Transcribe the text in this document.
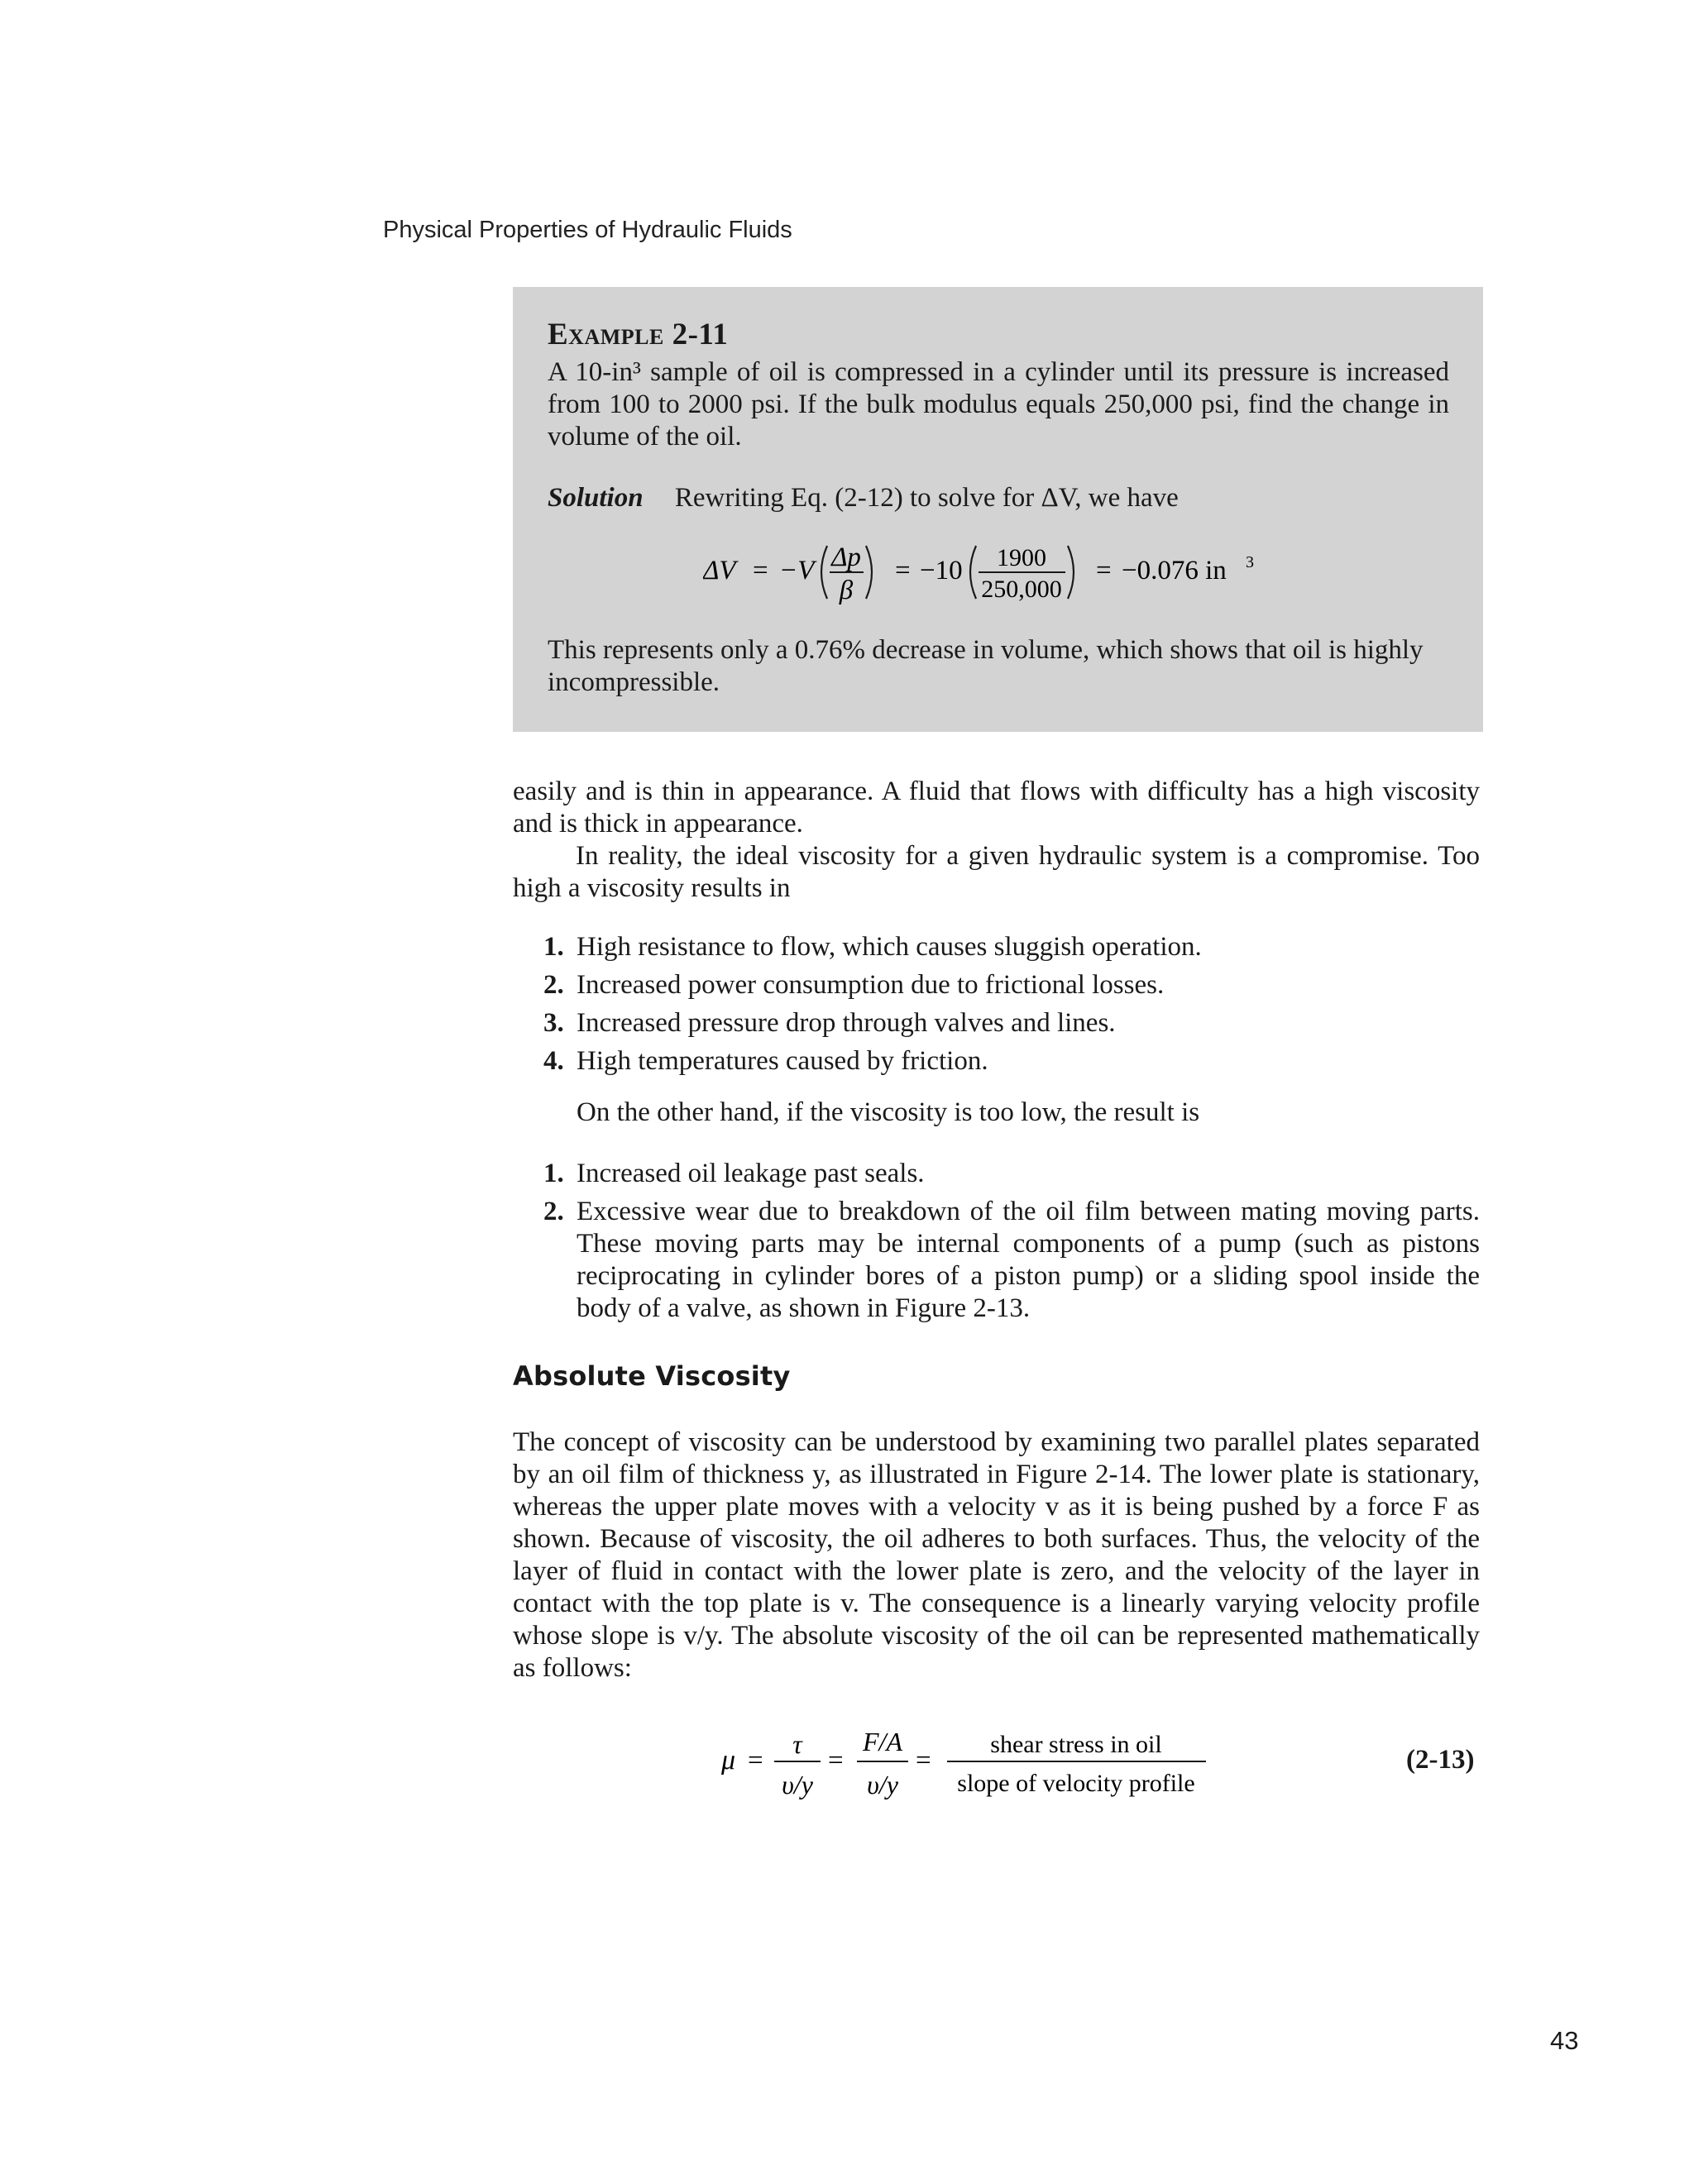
Physical Properties of Hydraulic Fluids
Example 2-11
A 10-in³ sample of oil is compressed in a cylinder until its pressure is increased from 100 to 2000 psi. If the bulk modulus equals 250,000 psi, find the change in volume of the oil.
Solution Rewriting Eq. (2-12) to solve for ΔV, we have
ΔV = −V Δp
β
= −10 1900
250,000
= −0.076 in 3
This represents only a 0.76% decrease in volume, which shows that oil is highly incompressible.
easily and is thin in appearance. A fluid that flows with difficulty has a high viscosity and is thick in appearance.
In reality, the ideal viscosity for a given hydraulic system is a compromise. Too high a viscosity results in
1. High resistance to flow, which causes sluggish operation.
2. Increased power consumption due to frictional losses.
3. Increased pressure drop through valves and lines.
4. High temperatures caused by friction.
On the other hand, if the viscosity is too low, the result is
1. Increased oil leakage past seals.
2. Excessive wear due to breakdown of the oil film between mating moving parts. These moving parts may be internal components of a pump (such as pistons reciprocating in cylinder bores of a piston pump) or a sliding spool inside the body of a valve, as shown in Figure 2-13.
Absolute Viscosity
The concept of viscosity can be understood by examining two parallel plates separated by an oil film of thickness y, as illustrated in Figure 2-14. The lower plate is stationary, whereas the upper plate moves with a velocity v as it is being pushed by a force F as shown. Because of viscosity, the oil adheres to both surfaces. Thus, the velocity of the layer of fluid in contact with the lower plate is zero, and the velocity of the layer in contact with the top plate is v. The consequence is a linearly varying velocity profile whose slope is v/y. The absolute viscosity of the oil can be represented mathematically as follows:
μ =
τ
υ/y
=
F/A
υ/y
=
shear stress in oil
slope of velocity profile
(2-13)
43
